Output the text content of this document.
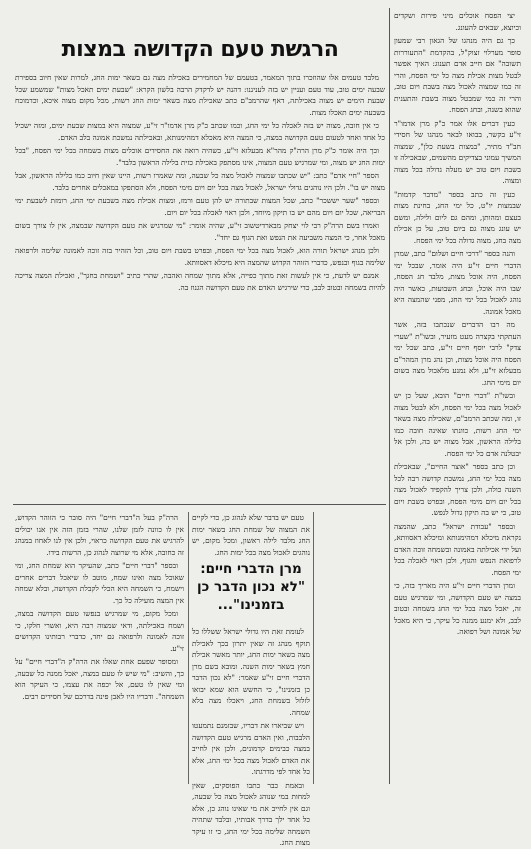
יצי הפסח אוכלים מיני פירות ושקדים וכיוצא, שבאים להעונג.

כך גם היה מנהגו של הגאון רבי שמעון סופר מערלוי זצוק"ל, בהקדמת "התעוררות תשובה" אם חייב אדם תענוג: האיך אפשר לבטל מצות אכילת מצה כל ימי הפסח, והרי זה כמו שמצוה לאכול מצה בשבת ויום טוב, והרי זה כמי שמבטל מצוה בשבת והתענית שהוא בשנה, ובחג הפסח.

כעין דברים אלו אמר כ"ק מרן אדמו"ר זי"ע בקשר, בבואו לבאר מנהגו של חסידי חב"ד מתיר, "במצות בשעת כלן", שמצוה המשיך עמוני בצדיקים מהשמים, שבאכילה זו בשבת ויום טוב יש מעלה גדולה בכל מצוה ומצוה.

כעין זה כתב בספר "מדבר קדמות" שבמצות יו"ט, כל ימי החג, בחינת מצות בעצם ומהותן, ומהם גם ליום ולילה, ומשם יש עונג מצוה גם ביום טוב, על כן אכילת מצה בחג, מצוה גדולה בכל ימי הפסח.

והנה בספר "דרכי חיים ושלום" כתב, שמרן הדברי חיים זי"ע היה אומר, שבכל ימי הפסח, היה אוכל מצות, מלבד חג הפסח, שבו היה אוכל, ובחג השבועות, כאשר היה נוהג לאכול בכל ימי החג, מפני שהמצה היא מאכל אמונה.

מה רבו הדברים שנכתבו בזה, אשר העתקתי בקצרה מעט מזעיר, ובשו"ת "שערי צדק" לרבי יוסף חיים זי"ע, כתב שכל ימי הפסח היה אוכל מצות, וכן נהג מרן המהר"ם מבעלזא זי"ע, ולא נמנע מלאכול מצה בשום יום מימי החג.

ובשו"ת "דברי חיים" הובא, שעל כן יש לאכול מצה בכל ימי הפסח, ולא לבטל מצוה זו, ומה שכתב הרמב"ם, שאכילת מצה בשאר ימי החג רשות, כוונתו שאינה חובה כמו בלילה הראשון, אבל מצוה יש בה, ולכן אל יבטלנה אדם כל ימי הפסח.

וכן כתב בספר "אוצר החיים", שבאכילת מצה בכל ימי החג, נמשכת קדושה רבה לכל השנה כולה, ולכן צריך להקפיד לאכול מצה בכל יום ויום מימי הפסח, ובפרט בשבת ויום טוב, כי יש בה תיקון גדול לנפש.

ובספר "עבודת ישראל" כתב, שהמצה נקראת מיכלא דמהימנותא ומיכלא דאסוותא, ועל ידי אכילתה באמונה ובשמחה זוכה האדם לרפואת הנפש והגוף, ולכן ראוי לאכלה בכל ימי הפסח.

ומרן הדברי חיים זי"ע היה מאריך בזה, כי במצה יש טעם הקדושה, ומי שמרגיש טעם זה, יאכל מצה בכל ימי החג בשמחה ובטוב לבב, ולא ימנע ממנה כל עיקר, כי היא מאכל של אמונה ושל רפואה.

הרגשת טעם הקדושה במצות

מלבד טעמים אלו שהוזכרו בתוך המאמר, בטעמם של המחמירים באכילת מצה גם בשאר ימות החג, למרות שאין חיוב בספירת שבעה ימים טוב, עוד טעם ועניין יש בזה לעניננו: דהנה יש לדקדק הרבה בלשון הקרא: "שבעת ימים תאכל מצות" שמשמע שכל שבעת הימים יש מצוה באכילתה, דאף שהרמב"ם כתב שאכילת מצה בשאר ימות החג רשות, מכל מקום מצוה איכא, וכדמוכח בשבעה ימים תאכלו מצות.

כי אין חובה, מצוה יש בזה לאכלה כל ימי החג, וכמו שכתב כ"ק מרן אדמו"ר זי"ע, שמצוה היא במצות שבעת ימים, ומזה ישכיל כל אחד ואחד לטעום טעם הקדושה במצה, כי המצה היא מאכלא דמהימנותא, ובאכילתה נמשכת אמונה בלב האדם.

וכך היה אומר כ"ק מרן הרה"ק מהר"א מבעלזא זי"ע, כשהיה רואה את החסידים אוכלים מצות בשמחה בכל ימי הפסח, "בכל ימות החג יש מצוה, ומי שמרגיש טעם המצוה, אינו מסתפק באכילת כזית בלילה הראשון בלבד".

הספר "חיי אדם" כתב: "יש שכתבו שמצוה לאכול מצה כל שבעה, ומה שאמרו רשות, היינו שאין חיוב כמו בלילה הראשון, אבל מצוה יש בו". ולכן היו נוהגים גדולי ישראל, לאכול מצה בכל יום ויום מימי הפסח, ולא הסתפקו במאכלים אחרים בלבד.

ובספר "שער יששכר" כתב, שכל המצות שבתורה יש להן טעם ורמז, ומצות אכילת מצה בשבעת ימי החג, רומזת לשבעת ימי הבריאה, שכל יום ויום מהם יש בו תיקון מיוחד, ולכן ראוי לאכלה בכל יום ויום.

ואמרו בשם הרה"ק רבי לוי יצחק מבארדיטשוב זי"ע, שהיה אומר: "מי שמרגיש את טעם הקדושה שבמצה, אין לו צורך בשום מאכל אחר, כי המצה משביעה את הנפש ואת הגוף גם יחד".

ולכן מנהג ישראל תורה הוא, לאכול מצה בכל ימי הפסח, ובפרט בשבת ויום טוב, וכל הזהיר בזה זוכה לאמונה שלימה ולרפואה שלימה בגוף ובנפש, כדברי הזוהר הקדוש שהמצה היא מיכלא דאסוותא.

אמנם יש לדעת, כי אין לעשות זאת מתוך כפייה, אלא מתוך שמחה ואהבה, שהרי כתיב "ושמחת בחגך", ואכילת המצה צריכה להיות בשמחה ובטוב לבב, כדי שירגיש האדם את טעם הקדושה הגנוז בה.

טעם יש בדבר שלא לנהוג כן, כדי לקיים את המצוה של שמחת החג בשאר ימות החג מלבד לילה ראשון, ומכל מקום, יש נוהגים לאכול מצה בכל ימות החג.

מרן הדברי חיים: "לא נכון הדבר כן בזמנינו"...

לעומת זאת היו גדולי ישראל ששללו כל תוקף מנהג זה שאין יתרון בכך לאכילת מצה בשאר ימות החג, יותר מאשר אכילת חמץ בשאר ימות השנה. ומובא בשם מרן הדברי חיים זי"ע שאמר: "לא נכון הדבר כן בזמנינו", כי החשש הוא שמא יבואו לזלזל בשמחת החג, ויאכלו מצה בלא שמחה.

ויש שביארו את דבריו, שבזמנם נתמעטו הלבבות, ואין האדם מרגיש טעם הקדושה במצה כבימים קדמונים, ולכן אין לחייב את האדם לאכול מצה בכל ימי החג, אלא כל אחד לפי מדרגתו.

ובאמת כבר כתבו הפוסקים, שאין למחות במי שנוהג לאכול מצה כל שבעה, וגם אין לחייב את מי שאינו נוהג כן, אלא כל אחד ילך בדרך אבותיו, ובלבד שתהיה השמחה שלימה בכל ימי החג, כי זו עיקר מצות החג.

הרה"ק בעל ה"דברי חיים" היה סובר כי הזוהר הקדוש, אין לו כוונה לזמן שלנו, שהרי בזמן הזה אין אנו יכולים להרגיש את טעם הקדושה כראוי, ולכן אין לנו לאחוז במנהג זה כחובה, אלא מי שרוצה לנהוג כן, הרשות בידו.

ובספר "דברי חיים" כתב, שהעיקר הוא שמחת החג, ומי שאוכל מצה ואינו שמח, מוטב לו שיאכל דברים אחרים וישמח, כי השמחה היא הכלי לקבלת הקדושה, ובלא שמחה אין המצה מועילה כל כך.

ומכל מקום, מי שמרגיש בנפשו טעם הקדושה במצה, ושמח באכילתה, ודאי שמצוה רבה היא, ואשרי חלקו, כי זוכה לאמונה ולרפואה גם יחד, כדברי רבותינו הקדושים זי"ע.

ומסופר שפעם אחת שאלו את הרה"ק ה"דברי חיים" על כך, והשיב: "מי שיש לו טעם במצה, יאכל ממנה כל שבעה, ומי שאין לו טעם, אל יכפה את עצמו, כי העיקר הוא השמחה". ודבריו היו לאבן פינה בדרכם של חסידים רבים.
